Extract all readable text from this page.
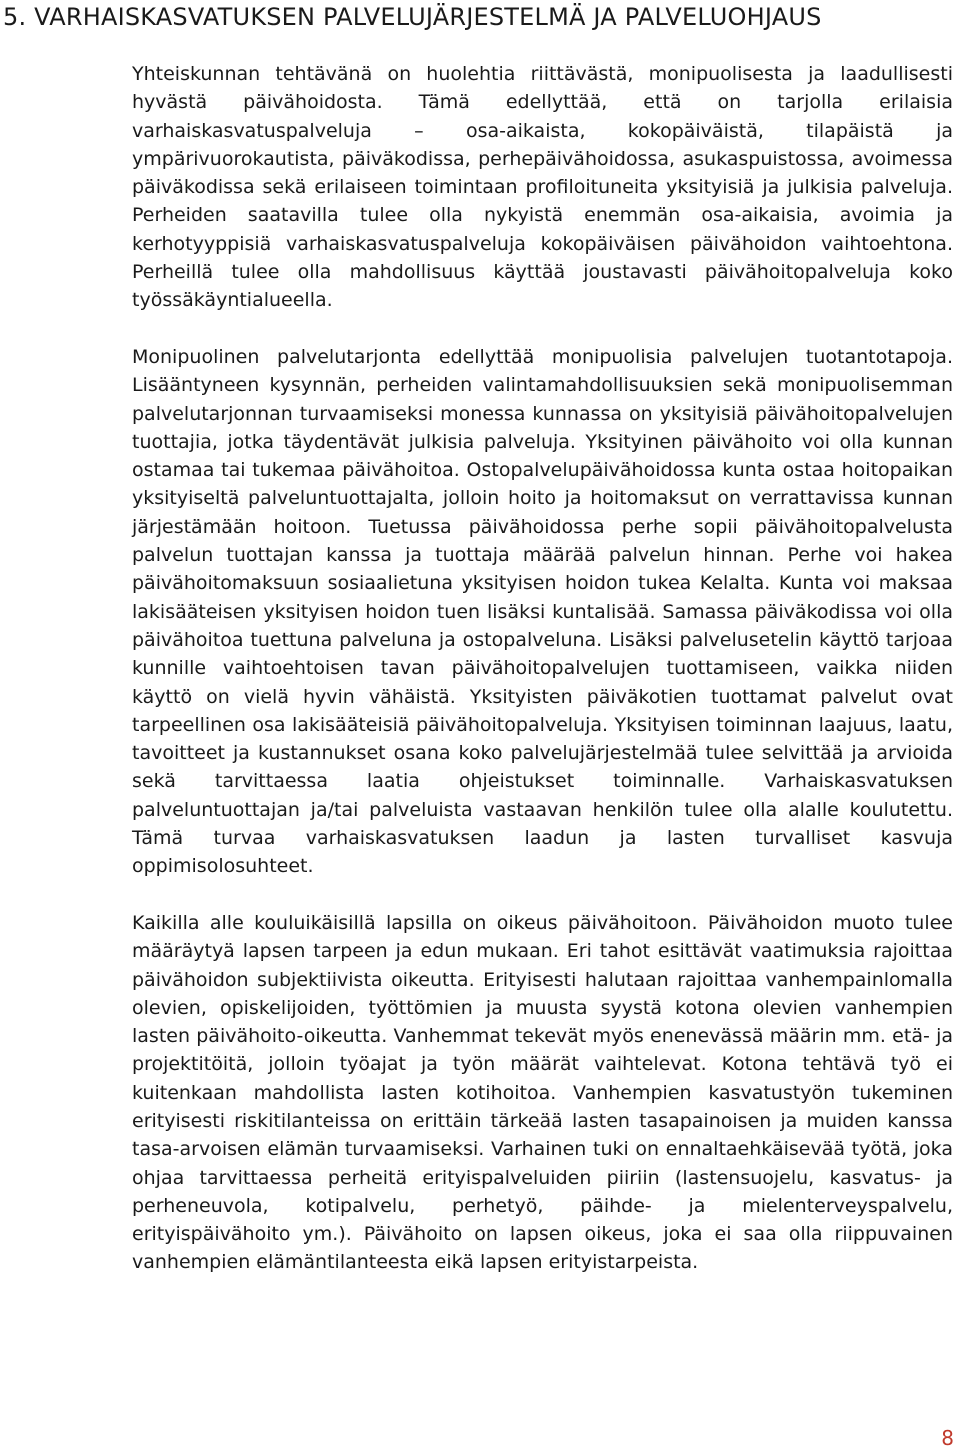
5. VARHAISKASVATUKSEN PALVELUJÄRJESTELMÄ JA PALVELUOHJAUS

Yhteiskunnan tehtävänä on huolehtia riittävästä, monipuolisesta ja laadullisesti hyvästä päivähoidosta. Tämä edellyttää, että on tarjolla erilaisia varhaiskasvatuspalveluja – osa-aikaista, kokopäiväistä, tilapäistä ja ympärivuorokautista, päiväkodissa, perhepäivähoidossa, asukaspuistossa, avoimessa päiväkodissa sekä erilaiseen toimintaan profiloituneita yksityisiä ja julkisia palveluja. Perheiden saatavilla tulee olla nykyistä enemmän osa-aikaisia, avoimia ja kerhotyyppisiä varhaiskasvatuspalveluja kokopäiväisen päivähoidon vaihtoehtona. Perheillä tulee olla mahdollisuus käyttää joustavasti päivähoitopalveluja koko työssäkäyntialueella.

Monipuolinen palvelutarjonta edellyttää monipuolisia palvelujen tuotantotapoja. Lisääntyneen kysynnän, perheiden valintamahdollisuuksien sekä monipuolisemman palvelutarjonnan turvaamiseksi monessa kunnassa on yksityisiä päivähoitopalvelujen tuottajia, jotka täydentävät julkisia palveluja. Yksityinen päivähoito voi olla kunnan ostamaa tai tukemaa päivähoitoa. Ostopalvelupäivähoidossa kunta ostaa hoitopaikan yksityiseltä palveluntuottajalta, jolloin hoito ja hoitomaksut on verrattavissa kunnan järjestämään hoitoon. Tuetussa päivähoidossa perhe sopii päivähoitopalvelusta palvelun tuottajan kanssa ja tuottaja määrää palvelun hinnan. Perhe voi hakea päivähoitomaksuun sosiaalietuna yksityisen hoidon tukea Kelalta. Kunta voi maksaa lakisääteisen yksityisen hoidon tuen lisäksi kuntalisää. Samassa päiväkodissa voi olla päivähoitoa tuettuna palveluna ja ostopalveluna. Lisäksi palvelusetelin käyttö tarjoaa kunnille vaihtoehtoisen tavan päivähoitopalvelujen tuottamiseen, vaikka niiden käyttö on vielä hyvin vähäistä. Yksityisten päiväkotien tuottamat palvelut ovat tarpeellinen osa lakisääteisiä päivähoitopalveluja. Yksityisen toiminnan laajuus, laatu, tavoitteet ja kustannukset osana koko palvelujärjestelmää tulee selvittää ja arvioida sekä tarvittaessa laatia ohjeistukset toiminnalle. Varhaiskasvatuksen palveluntuottajan ja/tai palveluista vastaavan henkilön tulee olla alalle koulutettu. Tämä turvaa varhaiskasvatuksen laadun ja lasten turvalliset kasvuja oppimisolosuhteet.

Kaikilla alle kouluikäisillä lapsilla on oikeus päivähoitoon. Päivähoidon muoto tulee määräytyä lapsen tarpeen ja edun mukaan. Eri tahot esittävät vaatimuksia rajoittaa päivähoidon subjektiivista oikeutta. Erityisesti halutaan rajoittaa vanhempainlomalla olevien, opiskelijoiden, työttömien ja muusta syystä kotona olevien vanhempien lasten päivähoito-oikeutta. Vanhemmat tekevät myös enenevässä määrin mm. etä- ja projektitöitä, jolloin työajat ja työn määrät vaihtelevat. Kotona tehtävä työ ei kuitenkaan mahdollista lasten kotihoitoa. Vanhempien kasvatustyön tukeminen erityisesti riskitilanteissa on erittäin tärkeää lasten tasapainoisen ja muiden kanssa tasa-arvoisen elämän turvaamiseksi. Varhainen tuki on ennaltaehkäisevää työtä, joka ohjaa tarvittaessa perheitä erityispalveluiden piiriin (lastensuojelu, kasvatus- ja perheneuvola, kotipalvelu, perhetyö, päihde- ja mielenterveyspalvelu, erityispäivähoito ym.). Päivähoito on lapsen oikeus, joka ei saa olla riippuvainen vanhempien elämäntilanteesta eikä lapsen erityistarpeista.

8
